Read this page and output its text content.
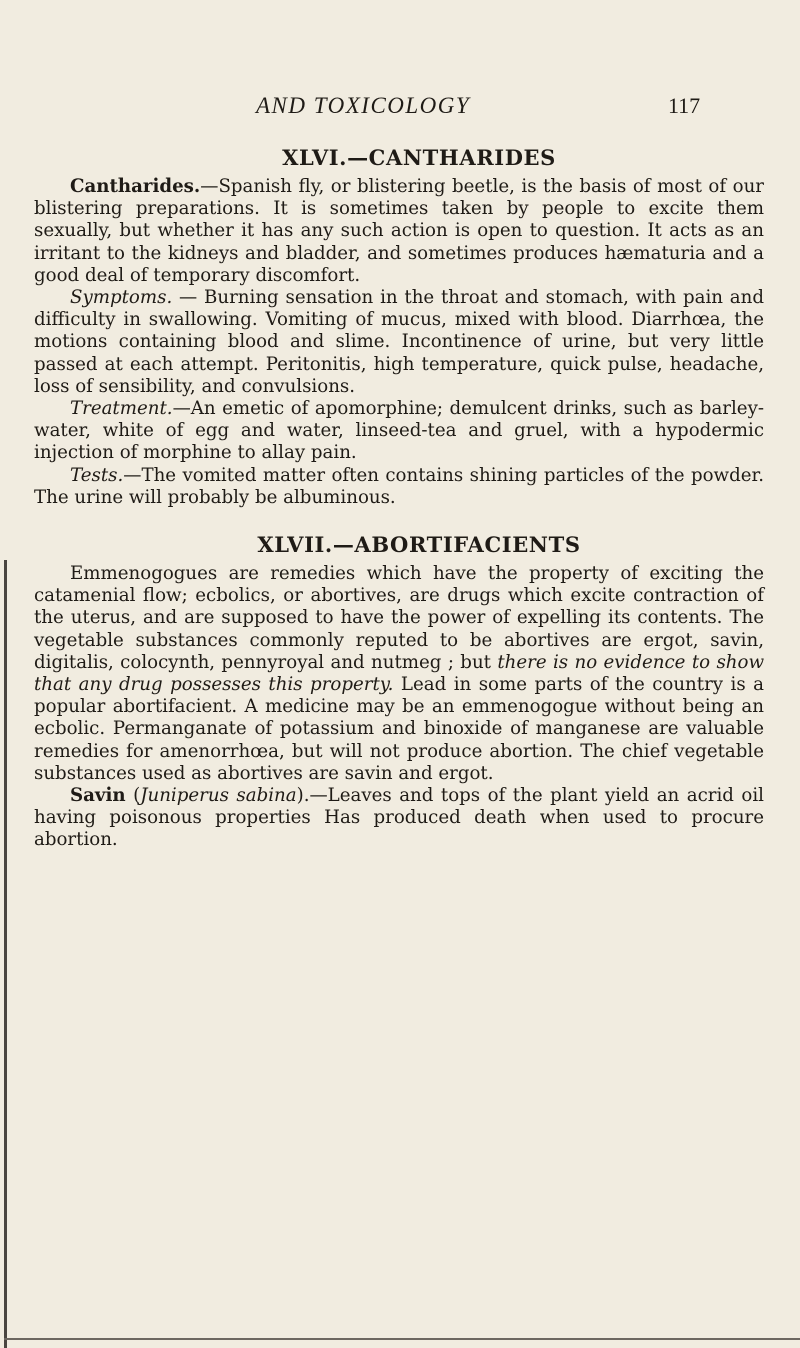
AND TOXICOLOGY	117
XLVI.—CANTHARIDES

Cantharides.—Spanish fly, or blistering beetle, is the basis of most of our blistering preparations. It is sometimes taken by people to excite them sexually, but whether it has any such action is open to question. It acts as an irritant to the kidneys and bladder, and sometimes produces hæmaturia and a good deal of temporary discomfort.

Symptoms. — Burning sensation in the throat and stomach, with pain and difficulty in swallowing. Vomiting of mucus, mixed with blood. Diarrhœa, the motions containing blood and slime. Incontinence of urine, but very little passed at each attempt. Peritonitis, high temperature, quick pulse, headache, loss of sensibility, and convulsions.

Treatment.—An emetic of apomorphine; demulcent drinks, such as barley-water, white of egg and water, linseed-tea and gruel, with a hypodermic injection of morphine to allay pain.

Tests.—The vomited matter often contains shining particles of the powder. The urine will probably be albuminous.

XLVII.—ABORTIFACIENTS

Emmenogogues are remedies which have the property of exciting the catamenial flow; ecbolics, or abortives, are drugs which excite contraction of the uterus, and are supposed to have the power of expelling its contents. The vegetable substances commonly reputed to be abortives are ergot, savin, digitalis, colocynth, pennyroyal and nutmeg ; but there is no evidence to show that any drug possesses this property. Lead in some parts of the country is a popular abortifacient. A medicine may be an emmenogogue without being an ecbolic. Permanganate of potassium and binoxide of manganese are valuable remedies for amenorrhœa, but will not produce abortion. The chief vegetable substances used as abortives are savin and ergot.

Savin (Juniperus sabina).—Leaves and tops of the plant yield an acrid oil having poisonous properties Has produced death when used to procure abortion.
